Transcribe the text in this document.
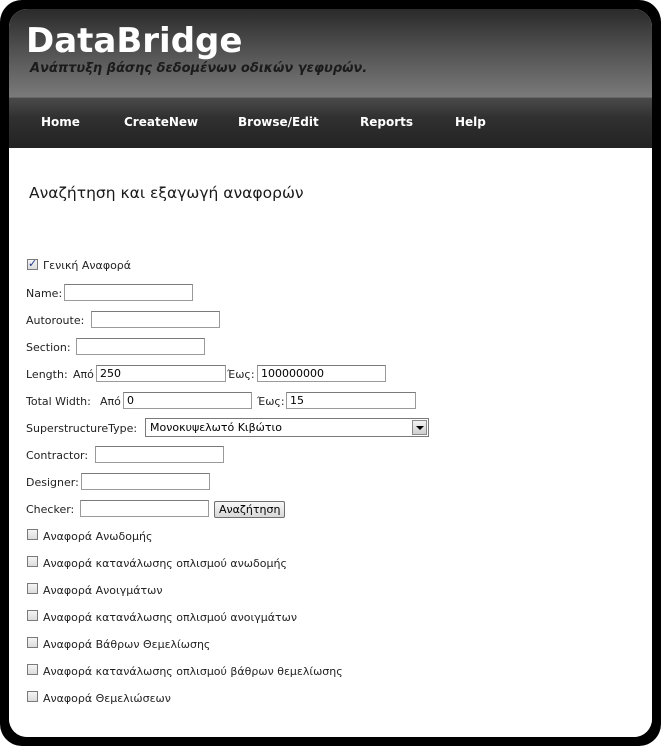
DataBridge
Ανάπτυξη βάσης δεδομένων οδικών γεφυρών.
Home	CreateNew	Browse/Edit	Reports	Help
Αναζήτηση και εξαγωγή αναφορών
✓
Γενική Αναφορά
Name:
Autoroute:
Section:
Length: Από 250	Έως: 100000000
Total Width: Από 0	Έως: 15
SuperstructureType: Μονοκυψελωτό Κιβώτιο
Contractor:
Designer:
Checker:	Αναζήτηση
Αναφορά Ανωδομής
Αναφορά κατανάλωσης οπλισμού ανωδομής
Αναφορά Ανοιγμάτων
Αναφορά κατανάλωσης οπλισμού ανοιγμάτων
Αναφορά Βάθρων Θεμελίωσης
Αναφορά κατανάλωσης οπλισμού βάθρων θεμελίωσης
Αναφορά Θεμελιώσεων
